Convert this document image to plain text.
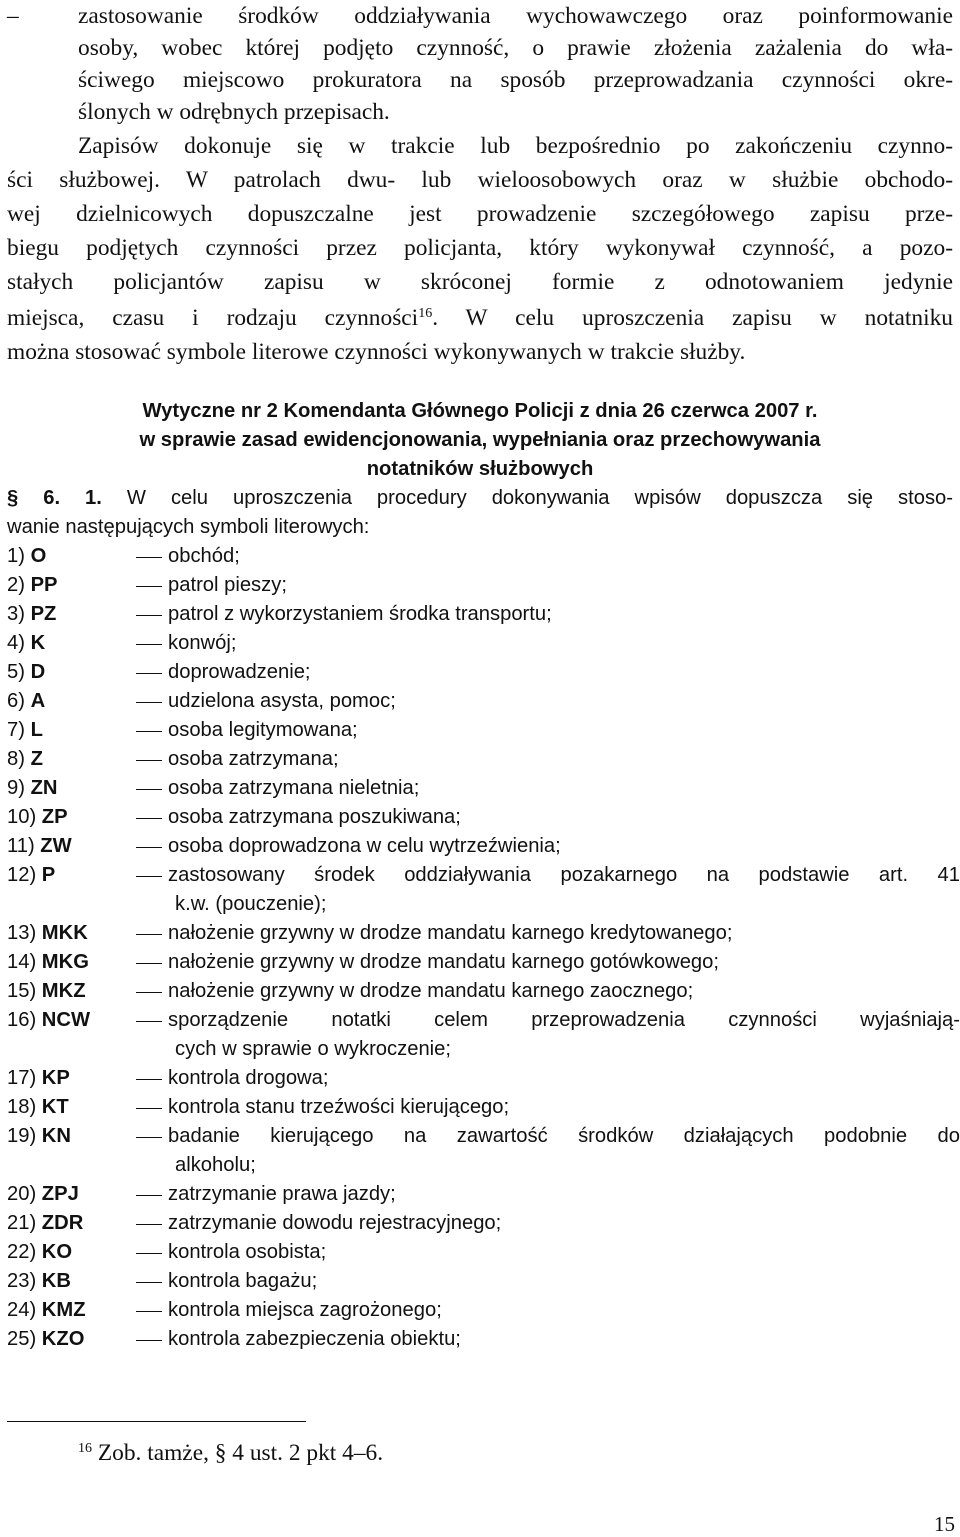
–	zastosowanie środków oddziaływania wychowawczego oraz poinformowanie
osoby, wobec której podjęto czynność, o prawie złożenia zażalenia do wła-
ściwego miejscowo prokuratora na sposób przeprowadzania czynności okre-
ślonych w odrębnych przepisach.
Zapisów dokonuje się w trakcie lub bezpośrednio po zakończeniu czynno-
ści służbowej. W patrolach dwu- lub wieloosobowych oraz w służbie obchodo-
wej dzielnicowych dopuszczalne jest prowadzenie szczegółowego zapisu prze-
biegu podjętych czynności przez policjanta, który wykonywał czynność, a pozo-
stałych policjantów zapisu w skróconej formie z odnotowaniem jedynie
miejsca, czasu i rodzaju czynności$^{16}$. W celu uproszczenia zapisu w notatniku
można stosować symbole literowe czynności wykonywanych w trakcie służby.
Wytyczne nr 2 Komendanta Głównego Policji z dnia 26 czerwca 2007 r.
w sprawie zasad ewidencjonowania, wypełniania oraz przechowywania
notatników służbowych
§ 6. 1. W celu uproszczenia procedury dokonywania wpisów dopuszcza się stoso-
wanie następujących symboli literowych:
1) O	obchód;
2) PP	patrol pieszy;
3) PZ	patrol z wykorzystaniem środka transportu;
4) K	konwój;
5) D	doprowadzenie;
6) A	udzielona asysta, pomoc;
7) L	osoba legitymowana;
8) Z	osoba zatrzymana;
9) ZN	osoba zatrzymana nieletnia;
10) ZP	osoba zatrzymana poszukiwana;
11) ZW	osoba doprowadzona w celu wytrzeźwienia;
12) P	zastosowany środek oddziaływania pozakarnego na podstawie art. 41
k.w. (pouczenie);
13) MKK	nałożenie grzywny w drodze mandatu karnego kredytowanego;
14) MKG	nałożenie grzywny w drodze mandatu karnego gotówkowego;
15) MKZ	nałożenie grzywny w drodze mandatu karnego zaocznego;
16) NCW	sporządzenie notatki celem przeprowadzenia czynności wyjaśniają-
cych w sprawie o wykroczenie;
17) KP	kontrola drogowa;
18) KT	kontrola stanu trzeźwości kierującego;
19) KN	badanie kierującego na zawartość środków działających podobnie do
alkoholu;
20) ZPJ	zatrzymanie prawa jazdy;
21) ZDR	zatrzymanie dowodu rejestracyjnego;
22) KO	kontrola osobista;
23) KB	kontrola bagażu;
24) KMZ	kontrola miejsca zagrożonego;
25) KZO	kontrola zabezpieczenia obiektu;
$^{16}$ Zob. tamże, § 4 ust. 2 pkt 4–6.
15
